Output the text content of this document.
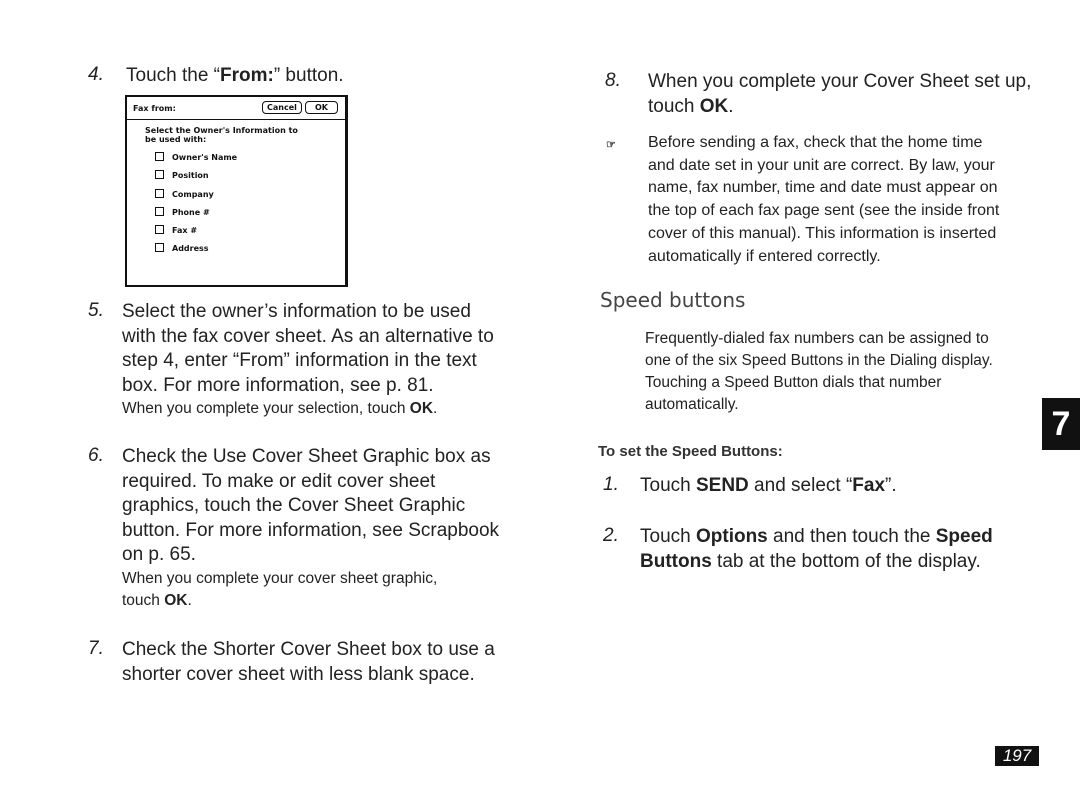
4. Touch the “From:” button.
Fax from:	Cancel	OK
Select the Owner's Information to
be used with:
Owner's Name
Position
Company
Phone #
Fax #
Address
5. Select the owner’s information to be used
with the fax cover sheet. As an alternative to
step 4, enter “From” information in the text
box. For more information, see p. 81.
When you complete your selection, touch OK.
6. Check the Use Cover Sheet Graphic box as
required. To make or edit cover sheet
graphics, touch the Cover Sheet Graphic
button. For more information, see Scrapbook
on p. 65.
When you complete your cover sheet graphic,
touch OK.
7. Check the Shorter Cover Sheet box to use a
shorter cover sheet with less blank space.
8. When you complete your Cover Sheet set up,
touch OK.
☞ Before sending a fax, check that the home time
and date set in your unit are correct. By law, your
name, fax number, time and date must appear on
the top of each fax page sent (see the inside front
cover of this manual). This information is inserted
automatically if entered correctly.
Speed buttons
Frequently-dialed fax numbers can be assigned to
one of the six Speed Buttons in the Dialing display.
Touching a Speed Button dials that number
automatically.
To set the Speed Buttons:
1. Touch SEND and select “Fax”.
2. Touch Options and then touch the Speed
Buttons tab at the bottom of the display.
7
197
